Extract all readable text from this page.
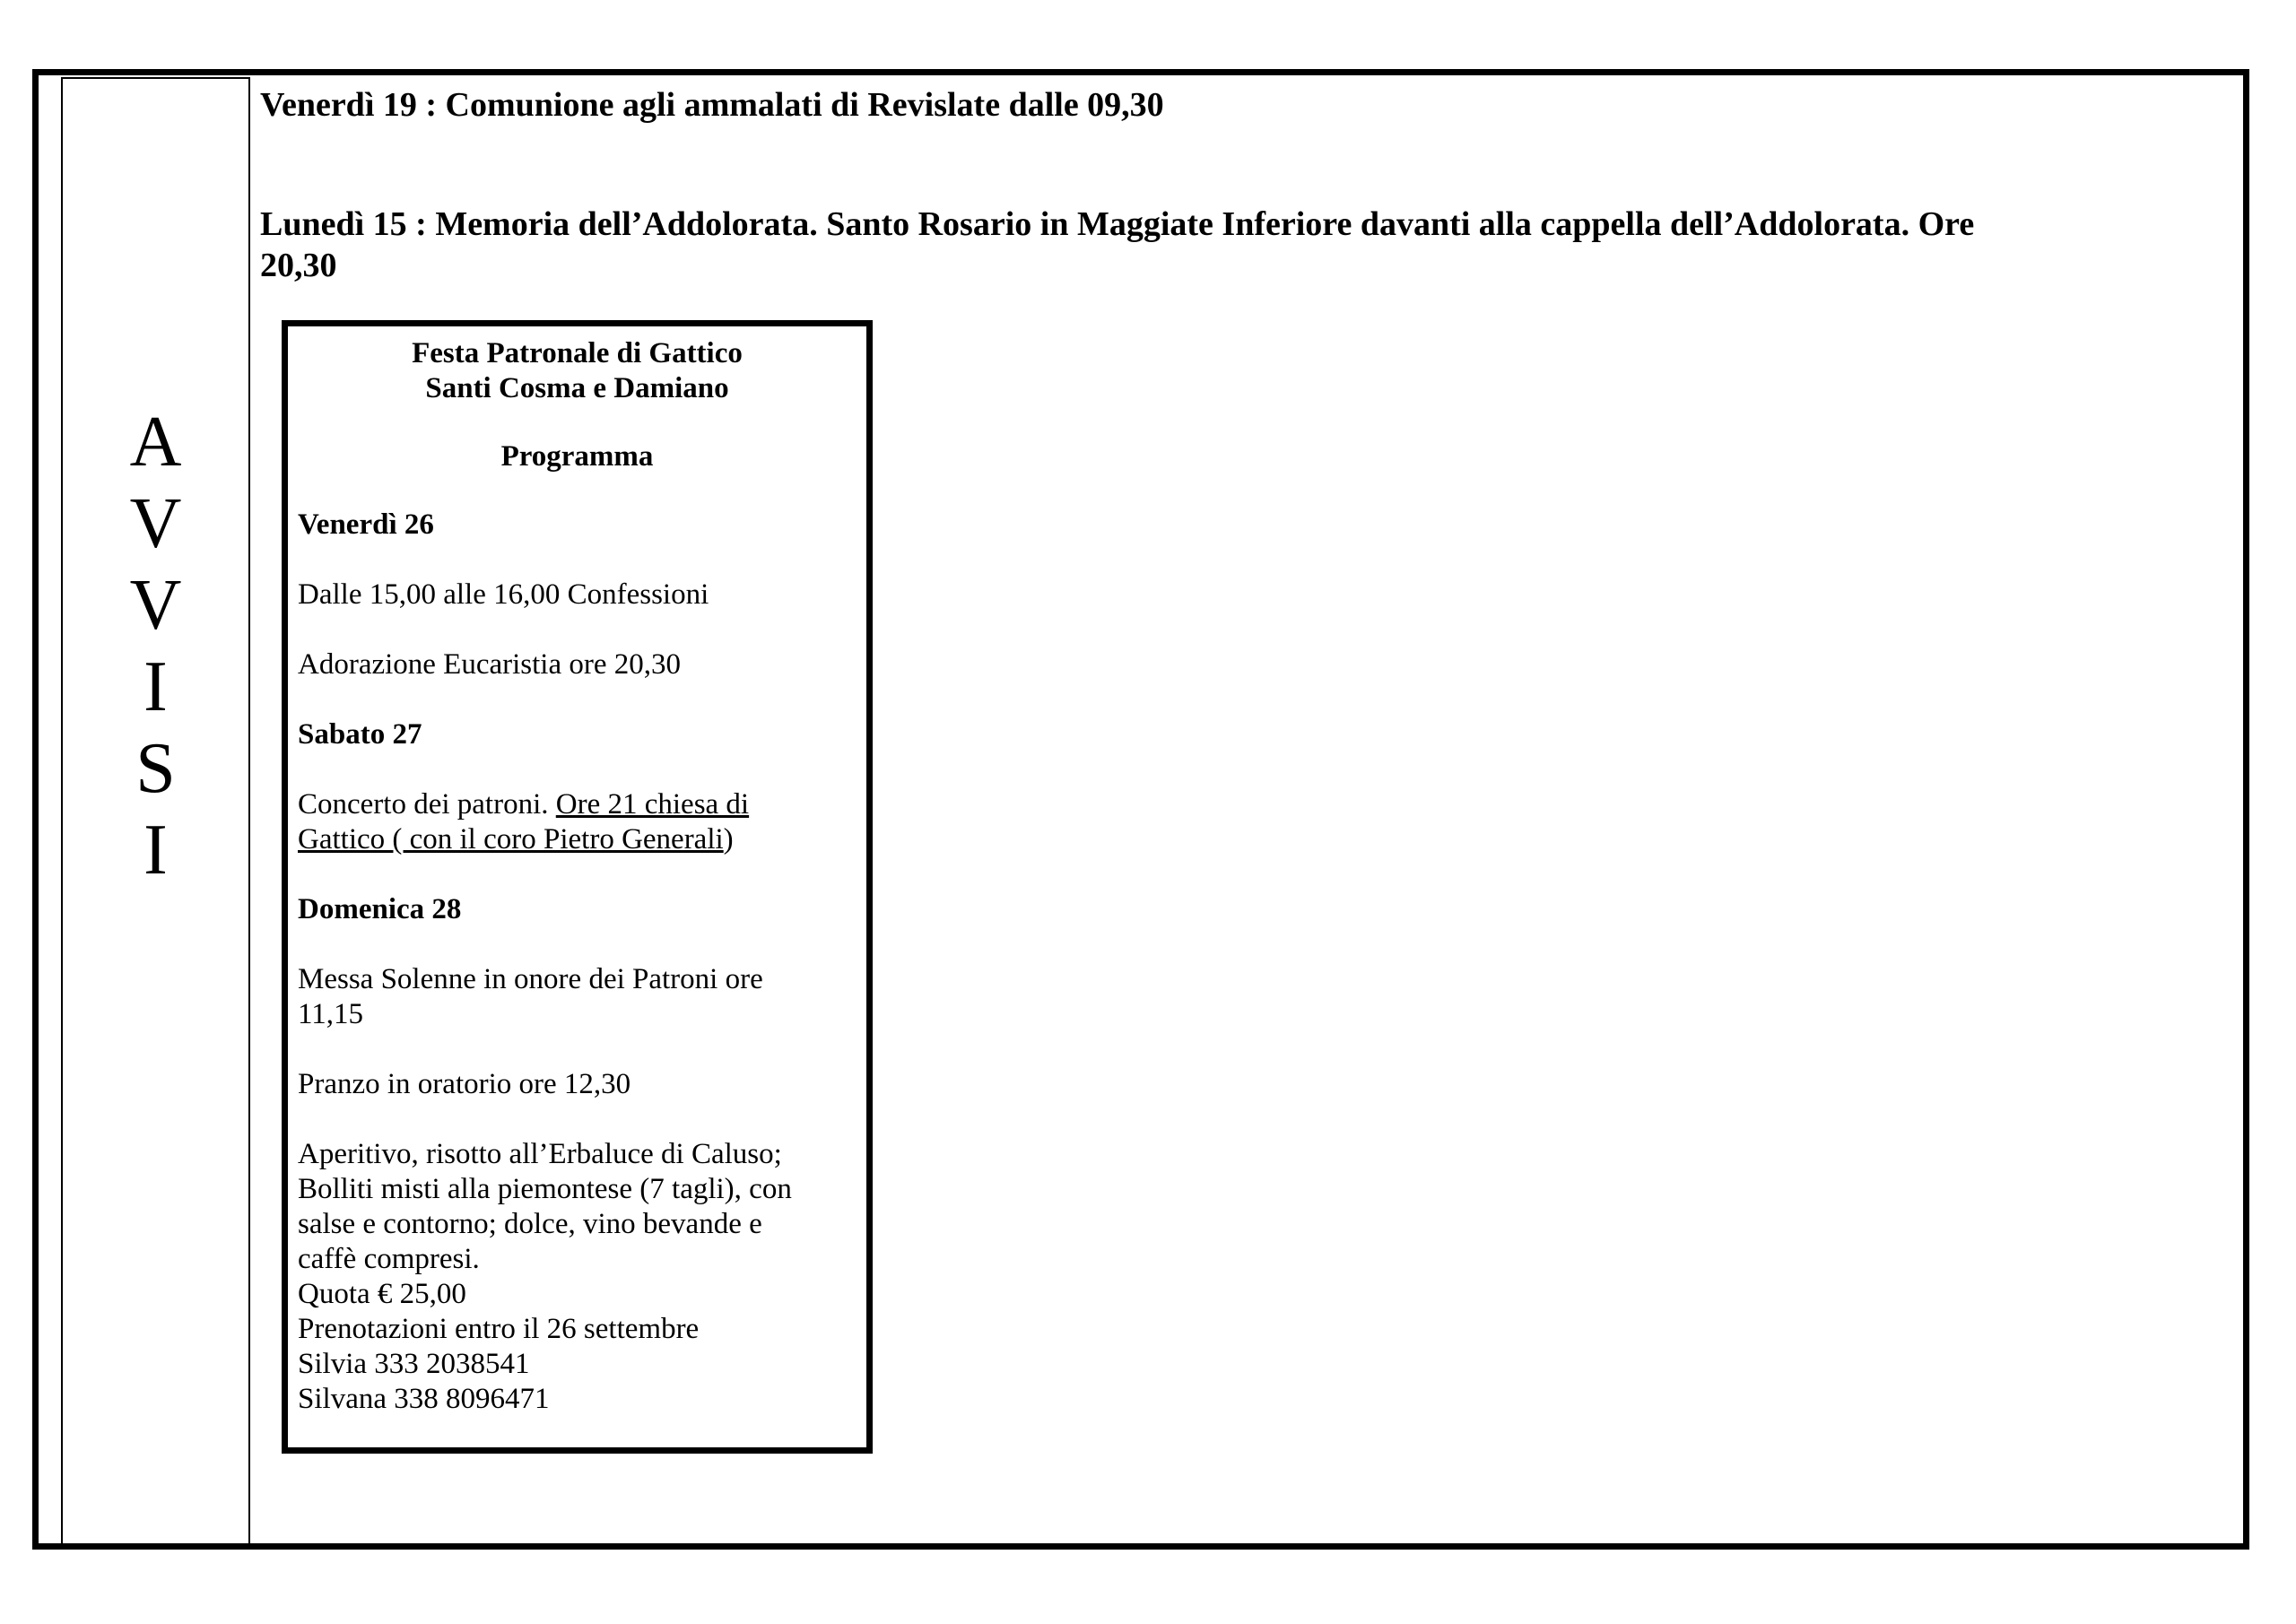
A
V
V
I
S
I
Venerdì 19 : Comunione agli ammalati di Revislate dalle 09,30
Lunedì 15 : Memoria dell’Addolorata. Santo Rosario in Maggiate Inferiore davanti alla cappella dell’Addolorata. Ore
20,30
Festa Patronale di Gattico
Santi Cosma e Damiano
Programma
Venerdì 26
Dalle 15,00 alle 16,00 Confessioni
Adorazione Eucaristia ore 20,30
Sabato 27
Concerto dei patroni. Ore 21 chiesa di
Gattico ( con il coro Pietro Generali)
Domenica 28
Messa Solenne in onore dei Patroni ore
11,15
Pranzo in oratorio ore 12,30
Aperitivo, risotto all’Erbaluce di Caluso;
Bolliti misti alla piemontese (7 tagli), con
salse e contorno; dolce, vino bevande e
caffè compresi.
Quota € 25,00
Prenotazioni entro il 26 settembre
Silvia 333 2038541
Silvana 338 8096471
